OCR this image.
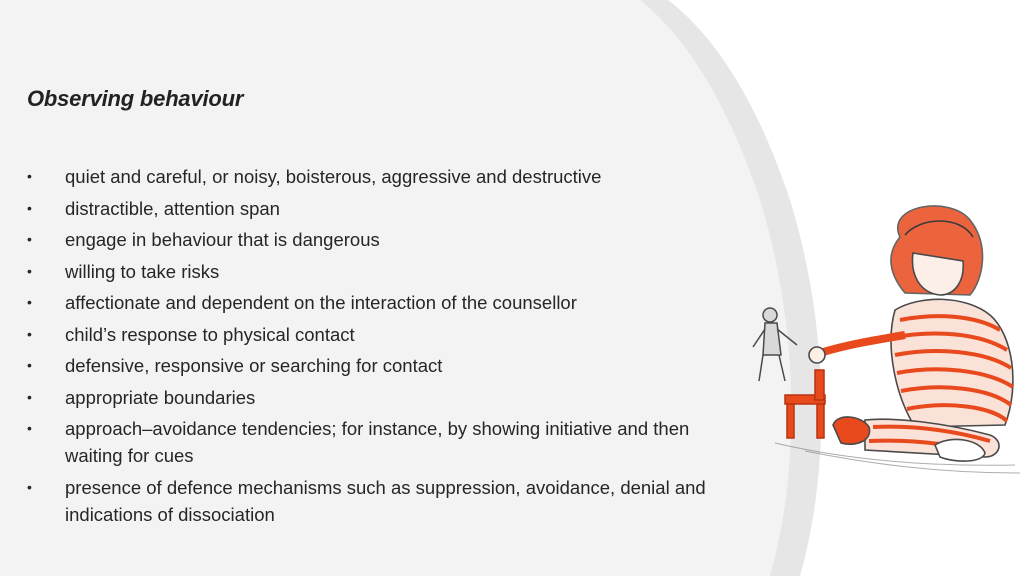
Observing behaviour
•	quiet and careful, or noisy, boisterous, aggressive and destructive
•	distractible, attention span
•	engage in behaviour that is dangerous
•	willing to take risks
•	affectionate and dependent on the interaction of the counsellor
•	child’s response to physical contact
•	defensive, responsive or searching for contact
•	appropriate boundaries
•	approach–avoidance tendencies; for instance, by showing initiative and then waiting for cues
•	presence of defence mechanisms such as suppression, avoidance, denial and indications of dissociation
